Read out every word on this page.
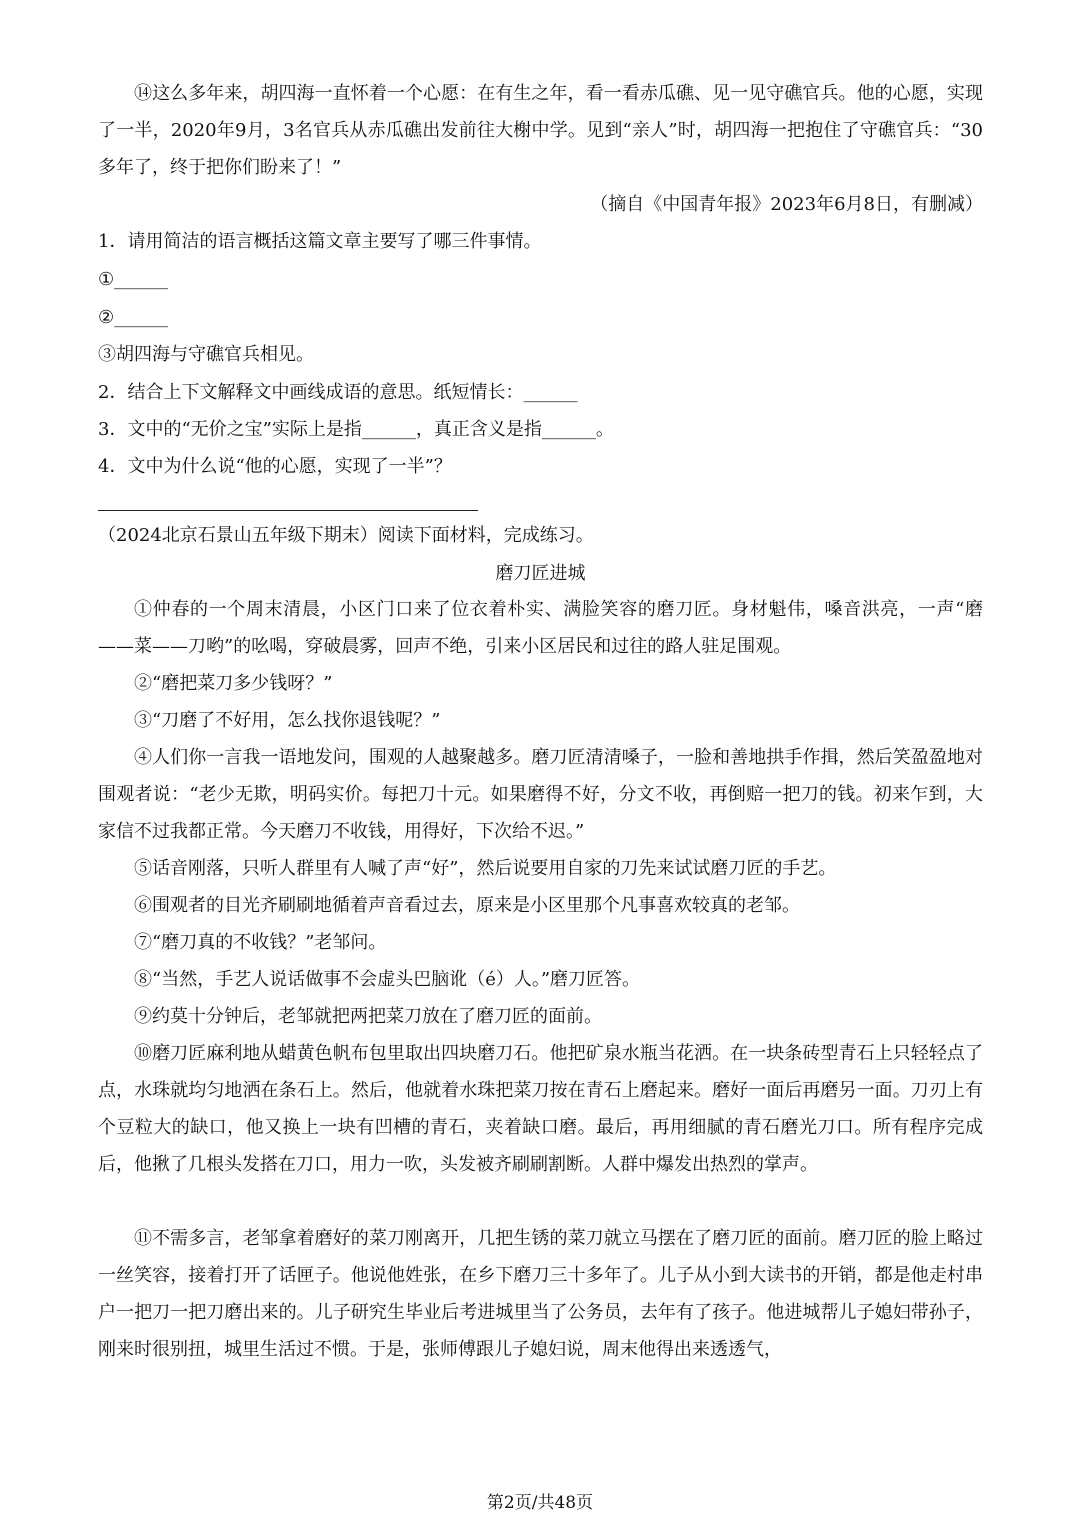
⑭这么多年来，胡四海一直怀着一个心愿：在有生之年，看一看赤瓜礁、见一见守礁官兵。他的心愿，实现了一半，2020年9月，3名官兵从赤瓜礁出发前往大榭中学。见到“亲人”时，胡四海一把抱住了守礁官兵：“30多年了，终于把你们盼来了！”

（摘自《中国青年报》2023年6月8日，有删减）

1．请用简洁的语言概括这篇文章主要写了哪三件事情。

①______

②______

③胡四海与守礁官兵相见。

2．结合上下文解释文中画线成语的意思。纸短情长：______

3．文中的“无价之宝”实际上是指______，真正含义是指______。

4．文中为什么说“他的心愿，实现了一半”？

（2024北京石景山五年级下期末）阅读下面材料，完成练习。

磨刀匠进城

①仲春的一个周末清晨，小区门口来了位衣着朴实、满脸笑容的磨刀匠。身材魁伟，嗓音洪亮，一声“磨——菜——刀哟”的吆喝，穿破晨雾，回声不绝，引来小区居民和过往的路人驻足围观。

②“磨把菜刀多少钱呀？”

③“刀磨了不好用，怎么找你退钱呢？”

④人们你一言我一语地发问，围观的人越聚越多。磨刀匠清清嗓子，一脸和善地拱手作揖，然后笑盈盈地对围观者说：“老少无欺，明码实价。每把刀十元。如果磨得不好，分文不收，再倒赔一把刀的钱。初来乍到，大家信不过我都正常。今天磨刀不收钱，用得好，下次给不迟。”

⑤话音刚落，只听人群里有人喊了声“好”，然后说要用自家的刀先来试试磨刀匠的手艺。

⑥围观者的目光齐刷刷地循着声音看过去，原来是小区里那个凡事喜欢较真的老邹。

⑦“磨刀真的不收钱？”老邹问。

⑧“当然，手艺人说话做事不会虚头巴脑讹（é）人。”磨刀匠答。

⑨约莫十分钟后，老邹就把两把菜刀放在了磨刀匠的面前。

⑩磨刀匠麻利地从蜡黄色帆布包里取出四块磨刀石。他把矿泉水瓶当花洒。在一块条砖型青石上只轻轻点了点，水珠就均匀地洒在条石上。然后，他就着水珠把菜刀按在青石上磨起来。磨好一面后再磨另一面。刀刃上有个豆粒大的缺口，他又换上一块有凹槽的青石，夹着缺口磨。最后，再用细腻的青石磨光刀口。所有程序完成后，他揪了几根头发搭在刀口，用力一吹，头发被齐刷刷割断。人群中爆发出热烈的掌声。

⑪不需多言，老邹拿着磨好的菜刀刚离开，几把生锈的菜刀就立马摆在了磨刀匠的面前。磨刀匠的脸上略过一丝笑容，接着打开了话匣子。他说他姓张，在乡下磨刀三十多年了。儿子从小到大读书的开销，都是他走村串户一把刀一把刀磨出来的。儿子研究生毕业后考进城里当了公务员，去年有了孩子。他进城帮儿子媳妇带孙子，刚来时很别扭，城里生活过不惯。于是，张师傅跟儿子媳妇说，周末他得出来透透气，

第2页/共48页
